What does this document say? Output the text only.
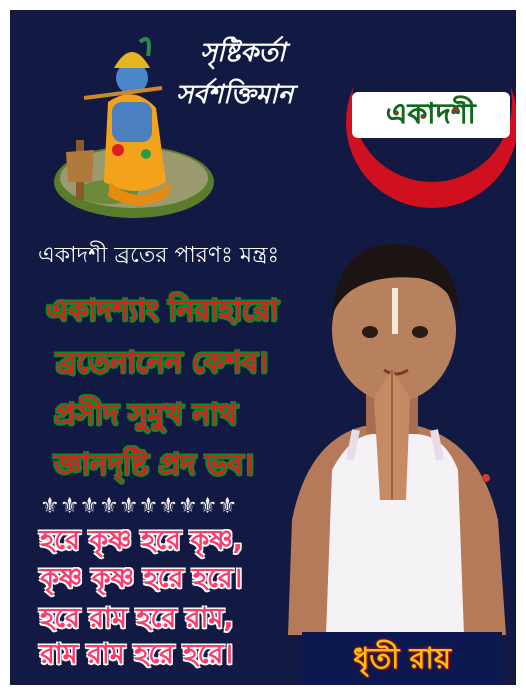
সৃষ্টিকর্তা
সর্বশক্তিমান
একাদশী
একাদশী ব্রতের পারণঃ মন্ত্রঃ
একাদশ্যাং নিরাহারো
ব্রতেনানেন কেশব।
প্রসীদ সুমুখ নাথ
জ্ঞানদৃষ্টি প্রদ ভব।
⚜⚜⚜⚜⚜⚜⚜⚜⚜⚜
হরে কৃষ্ণ হরে কৃষ্ণ,
কৃষ্ণ কৃষ্ণ হরে হরে।
হরে রাম হরে রাম,
রাম রাম হরে হরে।	ধৃতী রায়
